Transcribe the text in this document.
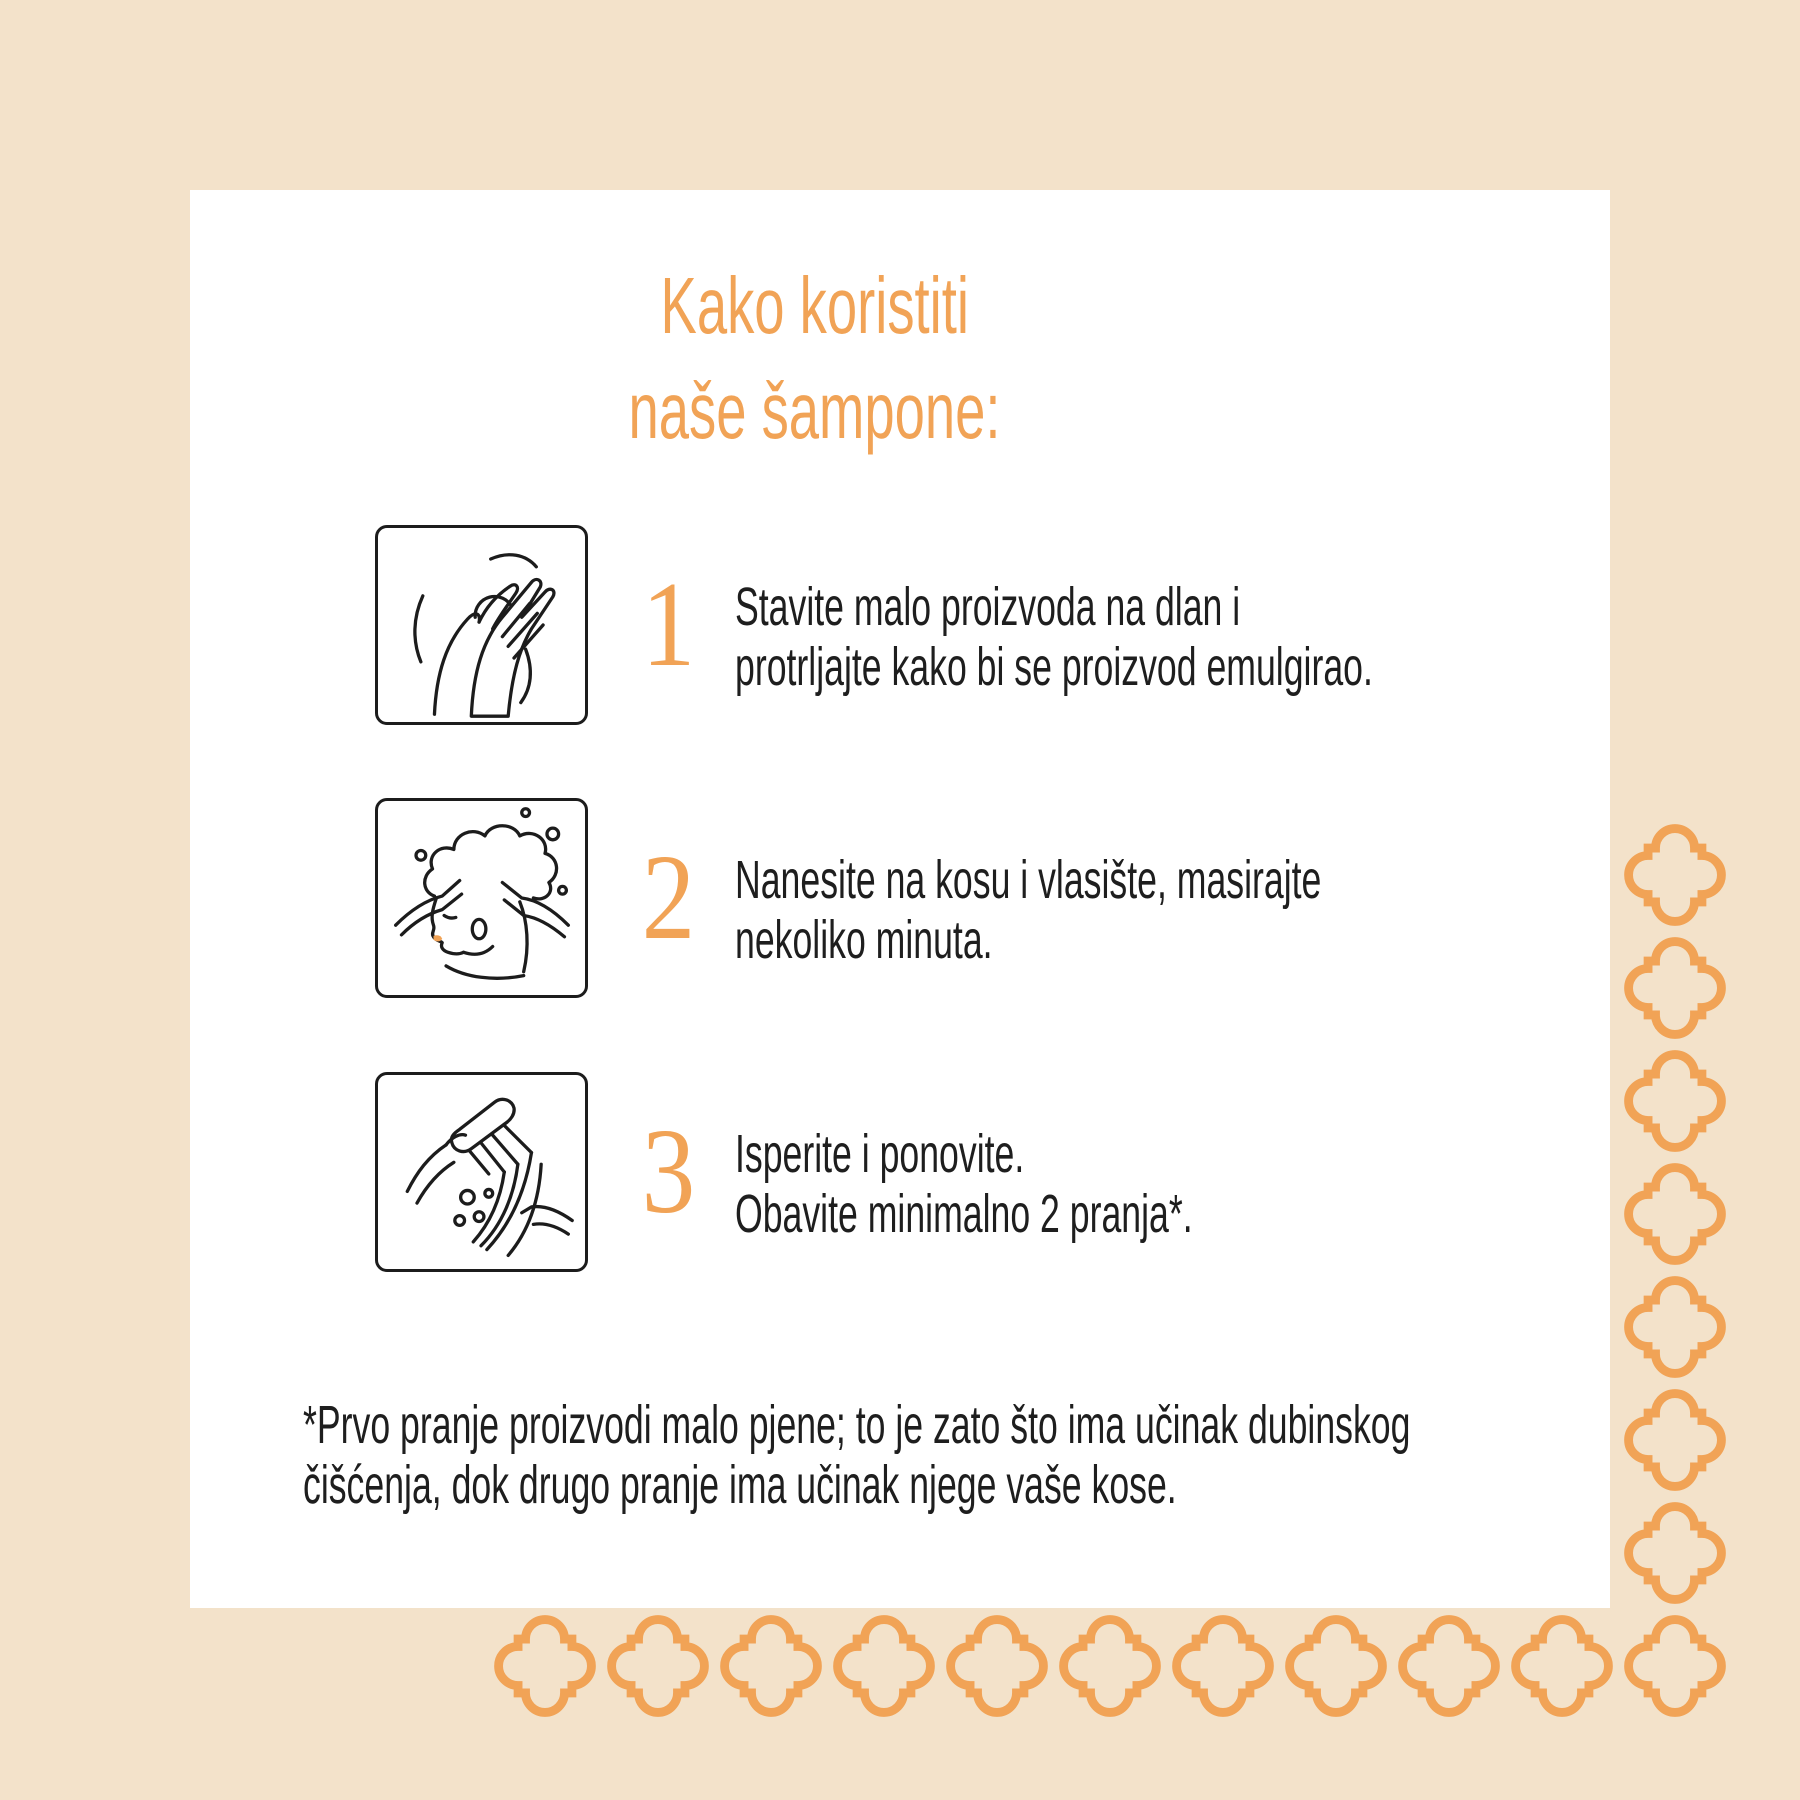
Kako koristiti
naše šampone:
1 Stavite malo proizvoda na dlan i
protrljajte kako bi se proizvod emulgirao.
2 Nanesite na kosu i vlasište, masirajte
nekoliko minuta.
3 Isperite i ponovite.
Obavite minimalno 2 pranja*.
*Prvo pranje proizvodi malo pjene; to je zato što ima učinak dubinskog
čišćenja, dok drugo pranje ima učinak njege vaše kose.
